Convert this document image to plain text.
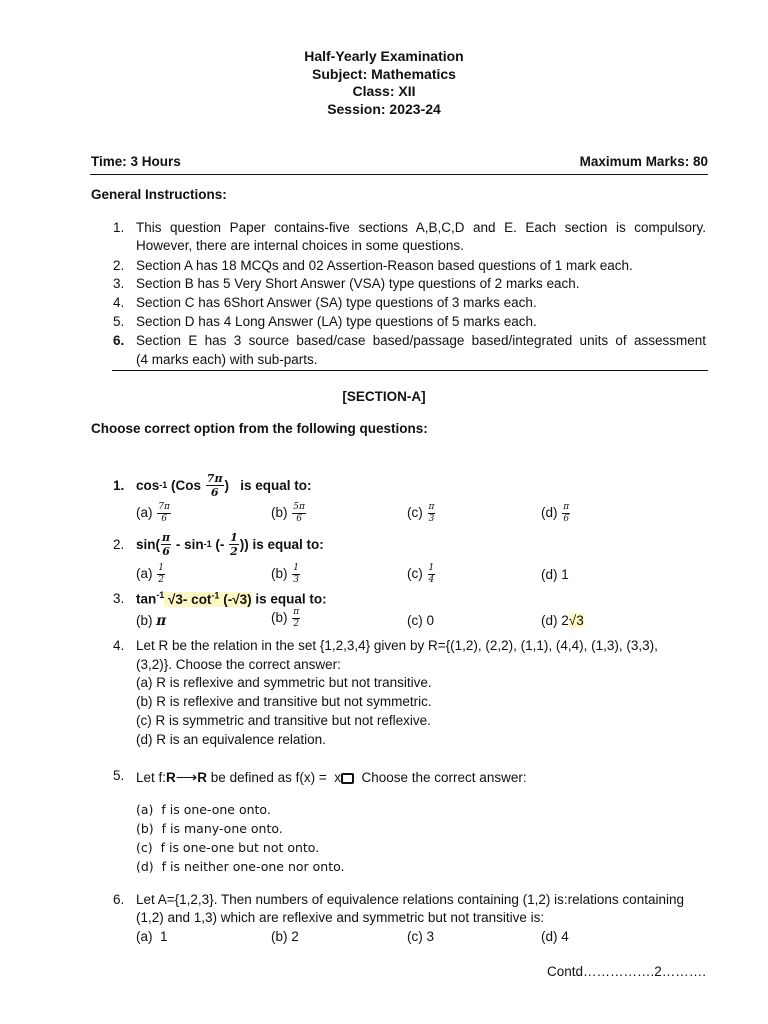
Half-Yearly Examination
Subject: Mathematics
Class: XII
Session: 2023-24
Time: 3 Hours	Maximum Marks: 80
General Instructions:
1. This question Paper contains-five sections A,B,C,D and E. Each section is compulsory.
However, there are internal choices in some questions.
2. Section A has 18 MCQs and 02 Assertion-Reason based questions of 1 mark each.
3. Section B has 5 Very Short Answer (VSA) type questions of 2 marks each.
4. Section C has 6Short Answer (SA) type questions of 3 marks each.
5. Section D has 4 Long Answer (LA) type questions of 5 marks each.
6. Section E has 3 source based/case based/passage based/integrated units of assessment
(4 marks each) with sub-parts.
[SECTION-A]
Choose correct option from the following questions:
1. cos -1 ($Cos \frac{7\pi}{6}$ )   is equal to:
$(a) \frac{7\pi}{6}$	$(b) \frac{5\pi}{6}$	$(c) \frac{\pi}{3}$	$(d) \frac{\pi}{6}$
2. $\sin( \frac{\pi}{6}$ - sin -1 (- $\frac{1}{2}$ )) is equal to:
$(a) \frac{1}{2}$	$(b) \frac{1}{3}$	$(c) \frac{1}{4}$	(d) 1
3. $\tan^{-1} √3-$ $\cot^{-1} (-√3)$ is equal to:
(b) π	$(b) \frac{\pi}{2}$	(c) 0	(d) 2√3
4. Let R be the relation in the set {1,2,3,4} given by R={(1,2), (2,2), (1,1), (4,4), (1,3), (3,3),
(3,2)}. Choose the correct answer:
(a) R is reflexive and symmetric but not transitive.
(b) R is reflexive and transitive but not symmetric.
(c) R is symmetric and transitive but not reflexive.
(d) R is an equivalence relation.
5. Let f:R⟶R be defined as f(x) =  x  Choose the correct answer:
(a) f is one-one onto.
(b) f is many-one onto.
(c) f is one-one but not onto.
(d) f is neither one-one nor onto.
6. Let A={1,2,3}. Then numbers of equivalence relations containing (1,2) is:relations containing
(1,2) and 1,3) which are reflexive and symmetric but not transitive is:
(a) 1	(b) 2	(c) 3	(d) 4
Contd…………….2……….
